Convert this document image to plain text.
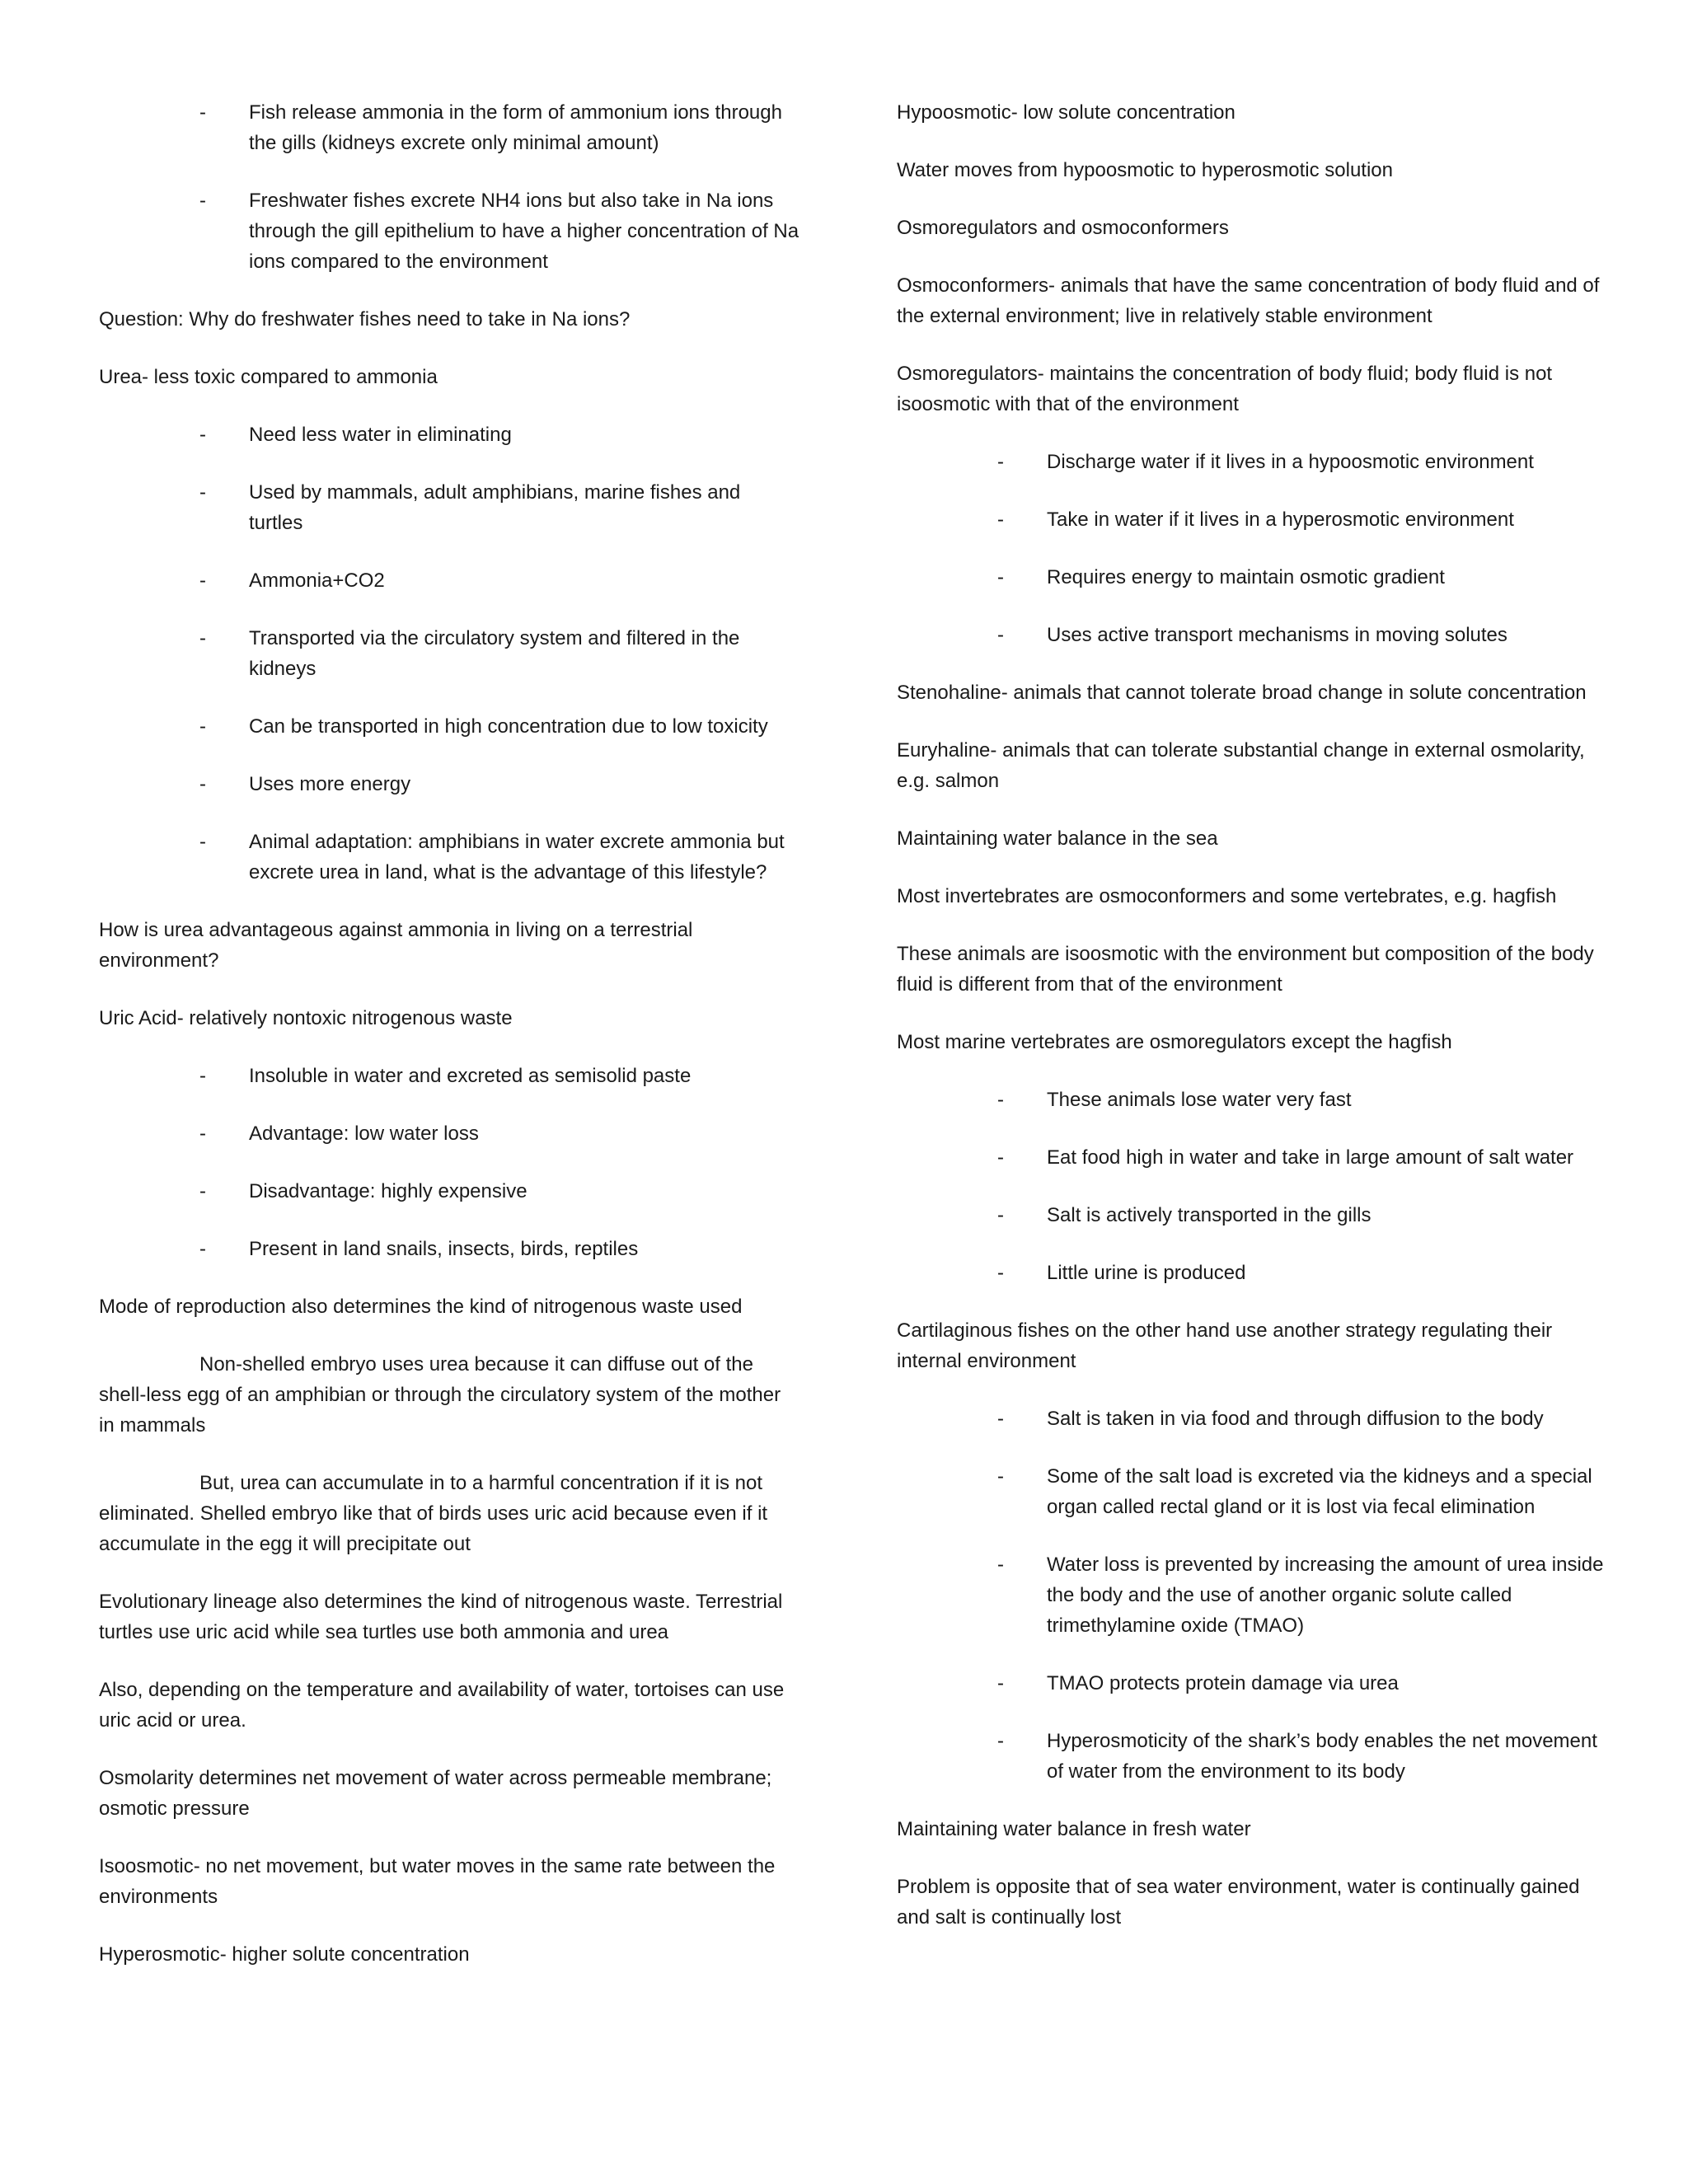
- Fish release ammonia in the form of ammonium ions through the gills (kidneys excrete only minimal amount)
- Freshwater fishes excrete NH4 ions but also take in Na ions through the gill epithelium to have a higher concentration of Na ions compared to the environment

Question: Why do freshwater fishes need to take in Na ions?

Urea- less toxic compared to ammonia

- Need less water in eliminating
- Used by mammals, adult amphibians, marine fishes and turtles
- Ammonia+CO2
- Transported via the circulatory system and filtered in the kidneys
- Can be transported in high concentration due to low toxicity
- Uses more energy
- Animal adaptation: amphibians in water excrete ammonia but excrete urea in land, what is the advantage of this lifestyle?

How is urea advantageous against ammonia in living on a terrestrial environment?

Uric Acid- relatively nontoxic nitrogenous waste

- Insoluble in water and excreted as semisolid paste
- Advantage: low water loss
- Disadvantage: highly expensive
- Present in land snails, insects, birds, reptiles

Mode of reproduction also determines the kind of nitrogenous waste used

Non-shelled embryo uses urea because it can diffuse out of the shell-less egg of an amphibian or through the circulatory system of the mother in mammals

But, urea can accumulate in to a harmful concentration if it is not eliminated. Shelled embryo like that of birds uses uric acid because even if it accumulate in the egg it will precipitate out

Evolutionary lineage also determines the kind of nitrogenous waste. Terrestrial turtles use uric acid while sea turtles use both ammonia and urea

Also, depending on the temperature and availability of water, tortoises can use uric acid or urea.

Osmolarity determines net movement of water across permeable membrane; osmotic pressure

Isoosmotic- no net movement, but water moves in the same rate between the environments

Hyperosmotic- higher solute concentration

Hypoosmotic- low solute concentration

Water moves from hypoosmotic to hyperosmotic solution

Osmoregulators and osmoconformers

Osmoconformers- animals that have the same concentration of body fluid and of the external environment; live in relatively stable environment

Osmoregulators- maintains the concentration of body fluid; body fluid is not isoosmotic with that of the environment

- Discharge water if it lives in a hypoosmotic environment
- Take in water if it lives in a hyperosmotic environment
- Requires energy to maintain osmotic gradient
- Uses active transport mechanisms in moving solutes

Stenohaline- animals that cannot tolerate broad change in solute concentration

Euryhaline- animals that can tolerate substantial change in external osmolarity, e.g. salmon

Maintaining water balance in the sea

Most invertebrates are osmoconformers and some vertebrates, e.g. hagfish

These animals are isoosmotic with the environment but composition of the body fluid is different from that of the environment

Most marine vertebrates are osmoregulators except the hagfish

- These animals lose water very fast
- Eat food high in water and take in large amount of salt water
- Salt is actively transported in the gills
- Little urine is produced

Cartilaginous fishes on the other hand use another strategy regulating their internal environment

- Salt is taken in via food and through diffusion to the body
- Some of the salt load is excreted via the kidneys and a special organ called rectal gland or it is lost via fecal elimination
- Water loss is prevented by increasing the amount of urea inside the body and the use of another organic solute called trimethylamine oxide (TMAO)
- TMAO protects protein damage via urea
- Hyperosmoticity of the shark’s body enables the net movement of water from the environment to its body

Maintaining water balance in fresh water

Problem is opposite that of sea water environment, water is continually gained and salt is continually lost
